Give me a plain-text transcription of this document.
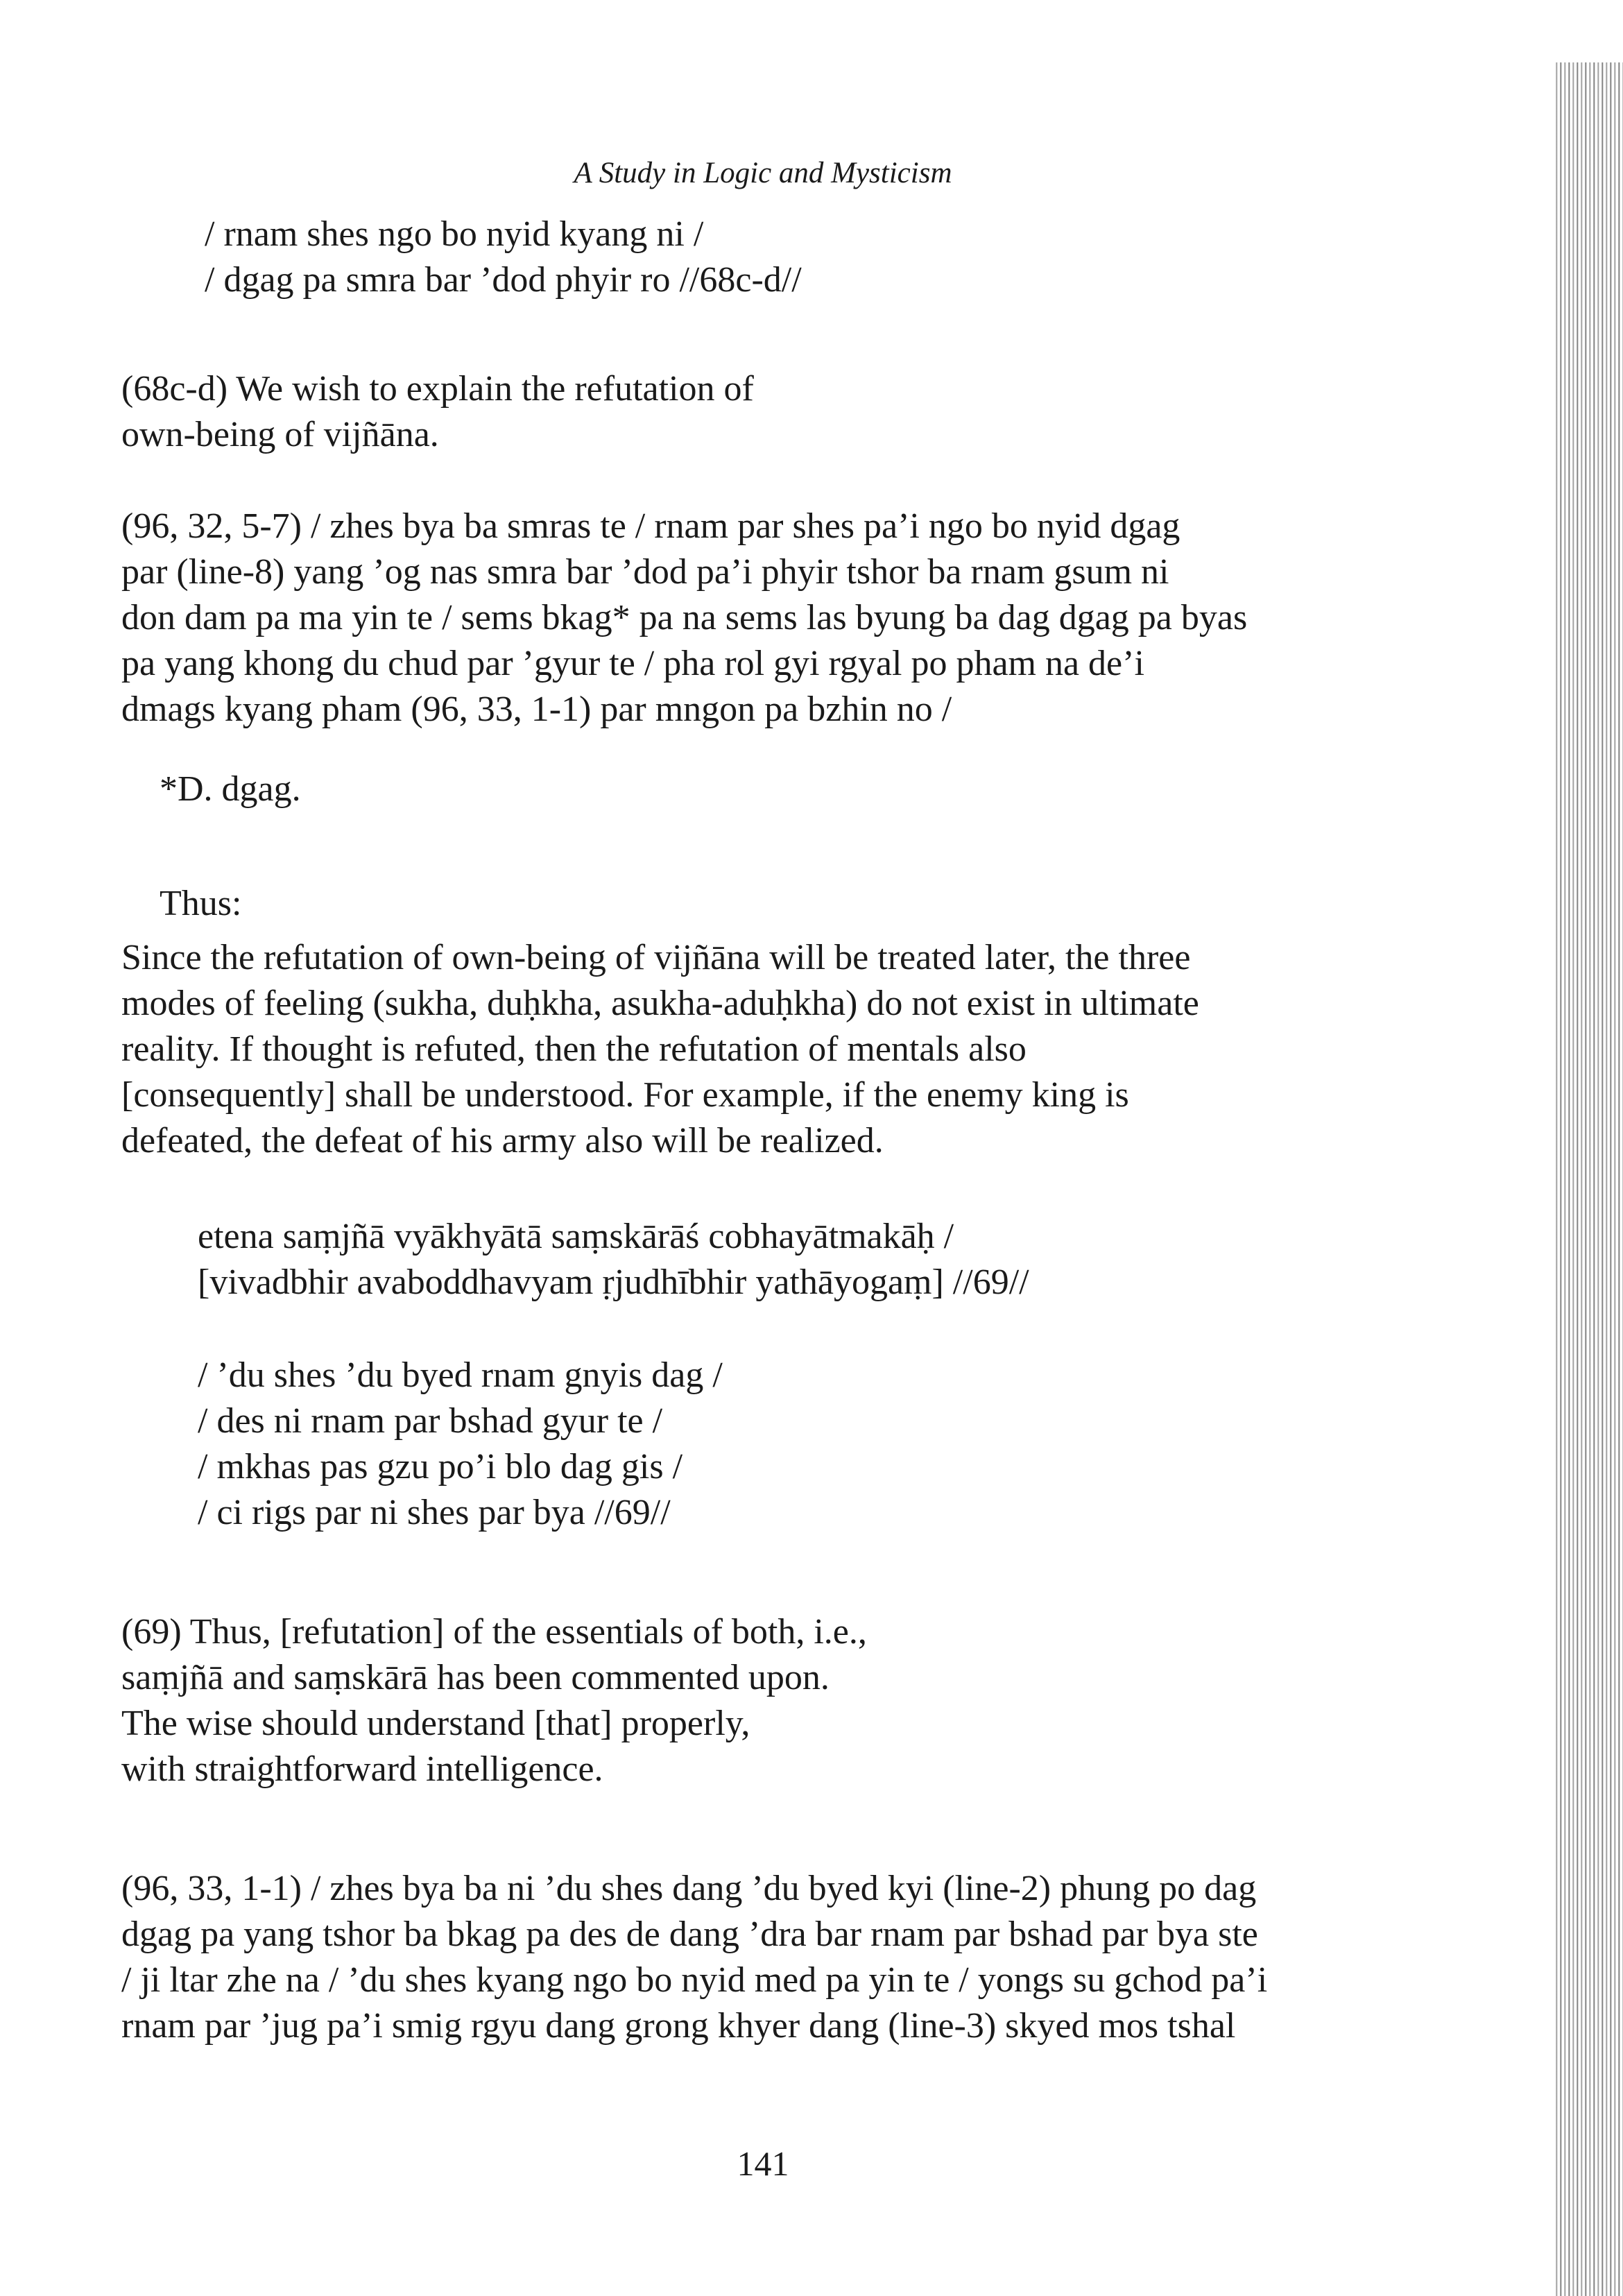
A Study in Logic and Mysticism
/ rnam shes ngo bo nyid kyang ni /
/ dgag pa smra bar ’dod phyir ro //68c-d//
(68c-d) We wish to explain the refutation of
own-being of vijñāna.
(96, 32, 5-7) / zhes bya ba smras te / rnam par shes pa’i ngo bo nyid dgag
par (line-8) yang ’og nas smra bar ’dod pa’i phyir tshor ba rnam gsum ni
don dam pa ma yin te / sems bkag* pa na sems las byung ba dag dgag pa byas
pa yang khong du chud par ’gyur te / pha rol gyi rgyal po pham na de’i
dmags kyang pham (96, 33, 1-1) par mngon pa bzhin no /
*D. dgag.
Thus:
Since the refutation of own-being of vijñāna will be treated later, the three
modes of feeling (sukha, duḥkha, asukha-aduḥkha) do not exist in ultimate
reality. If thought is refuted, then the refutation of mentals also
[consequently] shall be understood. For example, if the enemy king is
defeated, the defeat of his army also will be realized.
etena saṃjñā vyākhyātā saṃskārāś cobhayātmakāḥ /
[vivadbhir avaboddhavyam ṛjudhībhir yathāyogaṃ] //69//
/ ’du shes ’du byed rnam gnyis dag /
/ des ni rnam par bshad gyur te /
/ mkhas pas gzu po’i blo dag gis /
/ ci rigs par ni shes par bya //69//
(69) Thus, [refutation] of the essentials of both, i.e.,
saṃjñā and saṃskārā has been commented upon.
The wise should understand [that] properly,
with straightforward intelligence.
(96, 33, 1-1) / zhes bya ba ni ’du shes dang ’du byed kyi (line-2) phung po dag
dgag pa yang tshor ba bkag pa des de dang ’dra bar rnam par bshad par bya ste
/ ji ltar zhe na / ’du shes kyang ngo bo nyid med pa yin te / yongs su gchod pa’i
rnam par ’jug pa’i smig rgyu dang grong khyer dang (line-3) skyed mos tshal
141
